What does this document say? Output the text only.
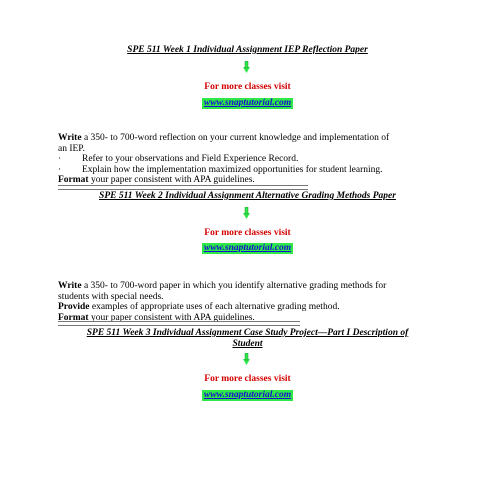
SPE 511 Week 1 Individual Assignment IEP Reflection Paper
For more classes visit
www.snaptutorial.com
Write a 350- to 700-word reflection on your current knowledge and implementation of
an IEP.
·	Refer to your observations and Field Experience Record.
·	Explain how the implementation maximized opportunities for student learning.
Format your paper consistent with APA guidelines.
SPE 511 Week 2 Individual Assignment Alternative Grading Methods Paper
For more classes visit
www.snaptutorial.com
Write a 350- to 700-word paper in which you identify alternative grading methods for
students with special needs.
Provide examples of appropriate uses of each alternative grading method.
Format your paper consistent with APA guidelines.
SPE 511 Week 3 Individual Assignment Case Study Project—Part I Description of
Student
For more classes visit
www.snaptutorial.com
